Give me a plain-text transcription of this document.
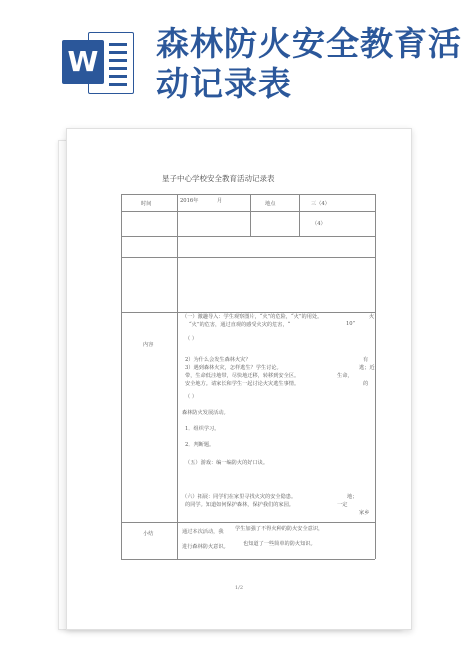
W 森林防火安全教育活动记录表
星子中心学校安全教育活动记录表
时间	2016年	月	地点	三（4）
（4）
内容
（一）激趣导入：学生观察图片，“火”的危险，“火”的用处。	火
“火”的危害，通过直观的感受火灾的危害，“	10”
（ ）
2）为什么会发生森林火灾？	有
3）遇到森林火灾，怎样逃生？学生讨论。	逃；近
带，生命低洼地带，尽快地迁移，转移到安全区。	生命，
安全地方。请家长和学生一起讨论火灾逃生事情。	的
（ ）
森林防火发展活动。
1．组织学习。
2．判断题。
（五）游戏：编一编防火的好口诀。
（六）拓展：同学们在家里寻找火灾的安全隐患。	地；
的同学。知道如何保护森林，保护我们的家园。	一定
家乡
小结	通过本次活动，我 学生加强了不得火种的防火安全意识，
进行森林防火意识。	也知道了一些简单的防火知识。
1/2
